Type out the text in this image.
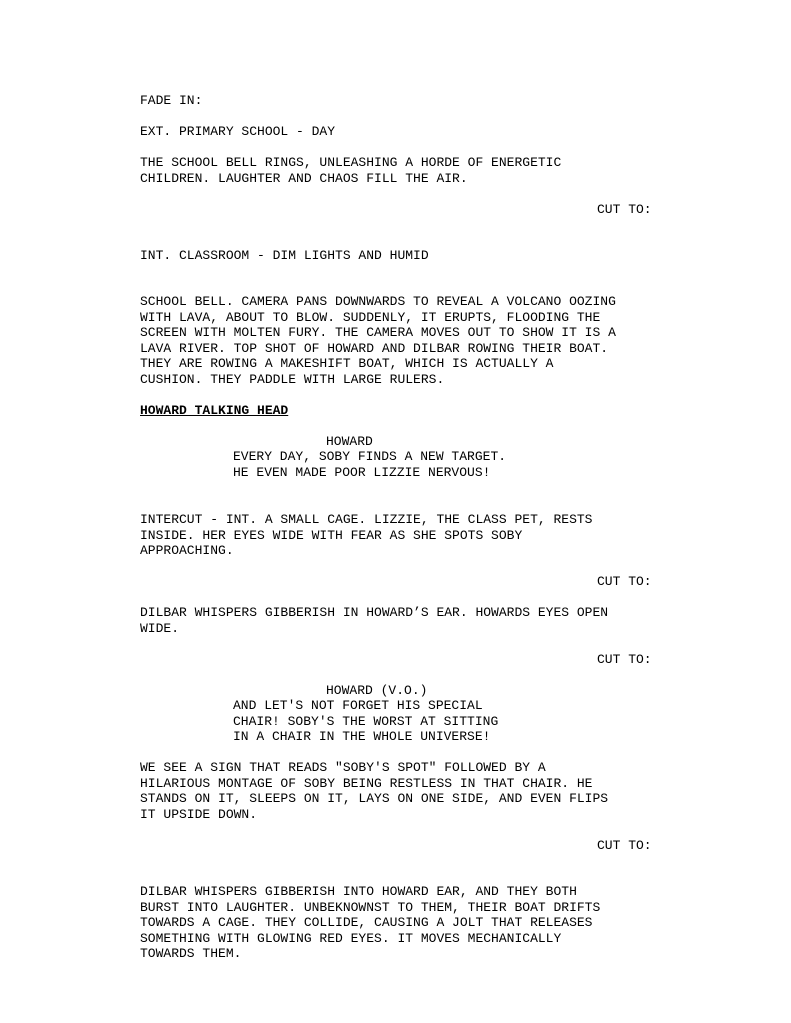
FADE IN:

EXT. PRIMARY SCHOOL - DAY

THE SCHOOL BELL RINGS, UNLEASHING A HORDE OF ENERGETIC
CHILDREN. LAUGHTER AND CHAOS FILL THE AIR.

CUT TO:

INT. CLASSROOM - DIM LIGHTS AND HUMID

SCHOOL BELL. CAMERA PANS DOWNWARDS TO REVEAL A VOLCANO OOZING
WITH LAVA, ABOUT TO BLOW. SUDDENLY, IT ERUPTS, FLOODING THE
SCREEN WITH MOLTEN FURY. THE CAMERA MOVES OUT TO SHOW IT IS A
LAVA RIVER. TOP SHOT OF HOWARD AND DILBAR ROWING THEIR BOAT.
THEY ARE ROWING A MAKESHIFT BOAT, WHICH IS ACTUALLY A
CUSHION. THEY PADDLE WITH LARGE RULERS.

HOWARD TALKING HEAD

HOWARD

EVERY DAY, SOBY FINDS A NEW TARGET.
HE EVEN MADE POOR LIZZIE NERVOUS!
INTERCUT - INT. A SMALL CAGE. LIZZIE, THE CLASS PET, RESTS
INSIDE. HER EYES WIDE WITH FEAR AS SHE SPOTS SOBY
APPROACHING.

CUT TO:

DILBAR WHISPERS GIBBERISH IN HOWARD’S EAR. HOWARDS EYES OPEN
WIDE.

CUT TO:

HOWARD (V.O.)

AND LET'S NOT FORGET HIS SPECIAL
CHAIR! SOBY'S THE WORST AT SITTING
IN A CHAIR IN THE WHOLE UNIVERSE!
WE SEE A SIGN THAT READS "SOBY'S SPOT" FOLLOWED BY A
HILARIOUS MONTAGE OF SOBY BEING RESTLESS IN THAT CHAIR. HE
STANDS ON IT, SLEEPS ON IT, LAYS ON ONE SIDE, AND EVEN FLIPS
IT UPSIDE DOWN.

CUT TO:

DILBAR WHISPERS GIBBERISH INTO HOWARD EAR, AND THEY BOTH
BURST INTO LAUGHTER. UNBEKNOWNST TO THEM, THEIR BOAT DRIFTS
TOWARDS A CAGE. THEY COLLIDE, CAUSING A JOLT THAT RELEASES
SOMETHING WITH GLOWING RED EYES. IT MOVES MECHANICALLY
TOWARDS THEM.
